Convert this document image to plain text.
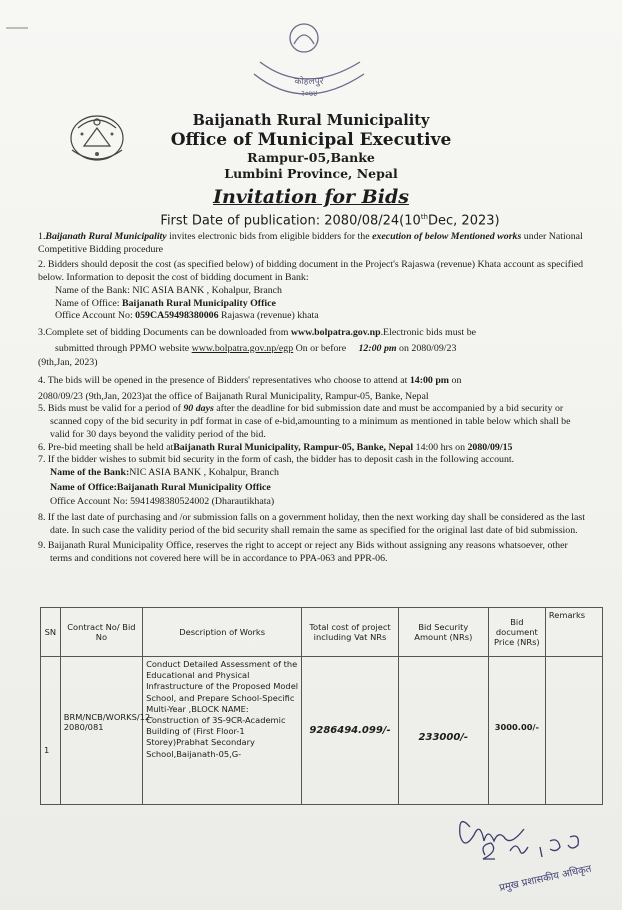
कोहलपुर
२०७४
Baijanath Rural Municipality
Office of Municipal Executive
Rampur-05,Banke
Lumbini Province, Nepal
Invitation for Bids
First Date of publication: 2080/08/24(10thDec, 2023)

1.Baijanath Rural Municipality invites electronic bids from eligible bidders for the execution of below Mentioned works under National Competitive Bidding procedure

2. Bidders should deposit the cost (as specified below) of bidding document in the Project's Rajaswa (revenue) Khata account as specified below. Information to deposit the cost of bidding document in Bank:

Name of the Bank: NIC ASIA BANK , Kohalpur, Branch

Name of Office: Baijanath Rural Municipality Office

Office Account No: 059CA59498380006 Rajaswa (revenue) khata

3.Complete set of bidding Documents can be downloaded from www.bolpatra.gov.np.Electronic bids must be

submitted through PPMO website www.bolpatra.gov.np/egp On or before     12:00 pm on 2080/09/23

(9th,Jan, 2023)

4. The bids will be opened in the presence of Bidders' representatives who choose to attend at 14:00 pm on

2080/09/23 (9th,Jan, 2023)at the office of Baijanath Rural Municipality, Rampur-05, Banke, Nepal

5. Bids must be valid for a period of 90 days after the deadline for bid submission date and must be accompanied by a bid security or scanned copy of the bid security in pdf format in case of e-bid,amounting to a minimum as mentioned in table below which shall be valid for 30 days beyond the validity period of the bid.

6. Pre-bid meeting shall be held atBaijanath Rural Municipality, Rampur-05, Banke, Nepal 14:00 hrs on 2080/09/15

7. If the bidder wishes to submit bid security in the form of cash, the bidder has to deposit cash in the following account.

Name of the Bank:NIC ASIA BANK , Kohalpur, Branch

Name of Office:Baijanath Rural Municipality Office

Office Account No: 5941498380524002 (Dharautikhata)

8. If the last date of purchasing and /or submission falls on a government holiday, then the next working day shall be considered as the last date. In such case the validity period of the bid security shall remain the same as specified for the original last date of bid submission.

9. Baijanath Rural Municipality Office, reserves the right to accept or reject any Bids without assigning any reasons whatsoever, other terms and conditions not covered here will be in accordance to PPA-063 and PPR-06.

SN	Contract No/ Bid No	Description of Works	Total cost of project including Vat NRs	Bid Security Amount (NRs)	Bid document Price (NRs)	Remarks
1	BRM/NCB/WORKS/12-2080/081	Conduct Detailed Assessment of the Educational and Physical Infrastructure of the Proposed Model School, and Prepare School-Specific Multi-Year ,BLOCK NAME: Construction of 3S-9CR-Academic Building of (First Floor-1 Storey)Prabhat Secondary School,Baijanath-05,G-	9286494.099/-	233000/-	3000.00/-	
प्रमुख प्रशासकीय अधिकृत
